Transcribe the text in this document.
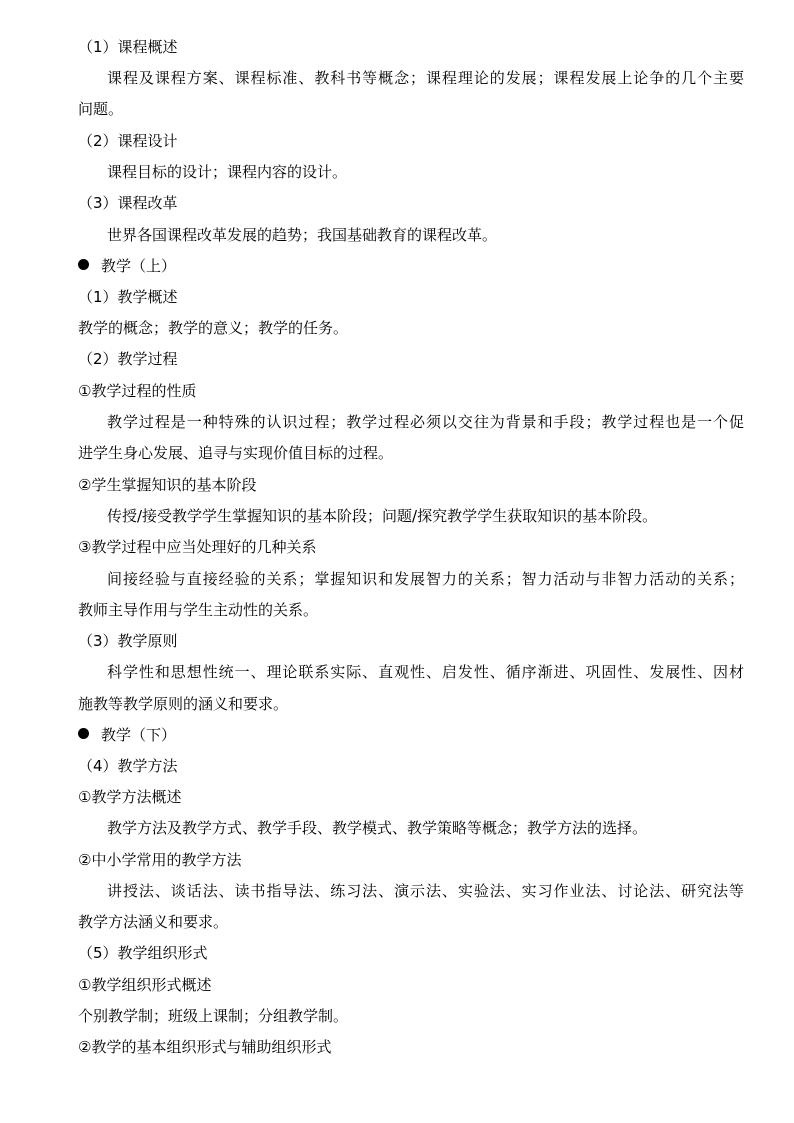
（1）课程概述
课程及课程方案、课程标准、教科书等概念；课程理论的发展；课程发展上论争的几个主要
问题。
（2）课程设计
课程目标的设计；课程内容的设计。
（3）课程改革
世界各国课程改革发展的趋势；我国基础教育的课程改革。
教学（上）
（1）教学概述
教学的概念；教学的意义；教学的任务。
（2）教学过程
①教学过程的性质
教学过程是一种特殊的认识过程；教学过程必须以交往为背景和手段；教学过程也是一个促
进学生身心发展、追寻与实现价值目标的过程。
②学生掌握知识的基本阶段
传授/接受教学学生掌握知识的基本阶段；问题/探究教学学生获取知识的基本阶段。
③教学过程中应当处理好的几种关系
间接经验与直接经验的关系；掌握知识和发展智力的关系；智力活动与非智力活动的关系；
教师主导作用与学生主动性的关系。
（3）教学原则
科学性和思想性统一、理论联系实际、直观性、启发性、循序渐进、巩固性、发展性、因材
施教等教学原则的涵义和要求。
教学（下）
（4）教学方法
①教学方法概述
教学方法及教学方式、教学手段、教学模式、教学策略等概念；教学方法的选择。
②中小学常用的教学方法
讲授法、谈话法、读书指导法、练习法、演示法、实验法、实习作业法、讨论法、研究法等
教学方法涵义和要求。
（5）教学组织形式
①教学组织形式概述
个别教学制；班级上课制；分组教学制。
②教学的基本组织形式与辅助组织形式
